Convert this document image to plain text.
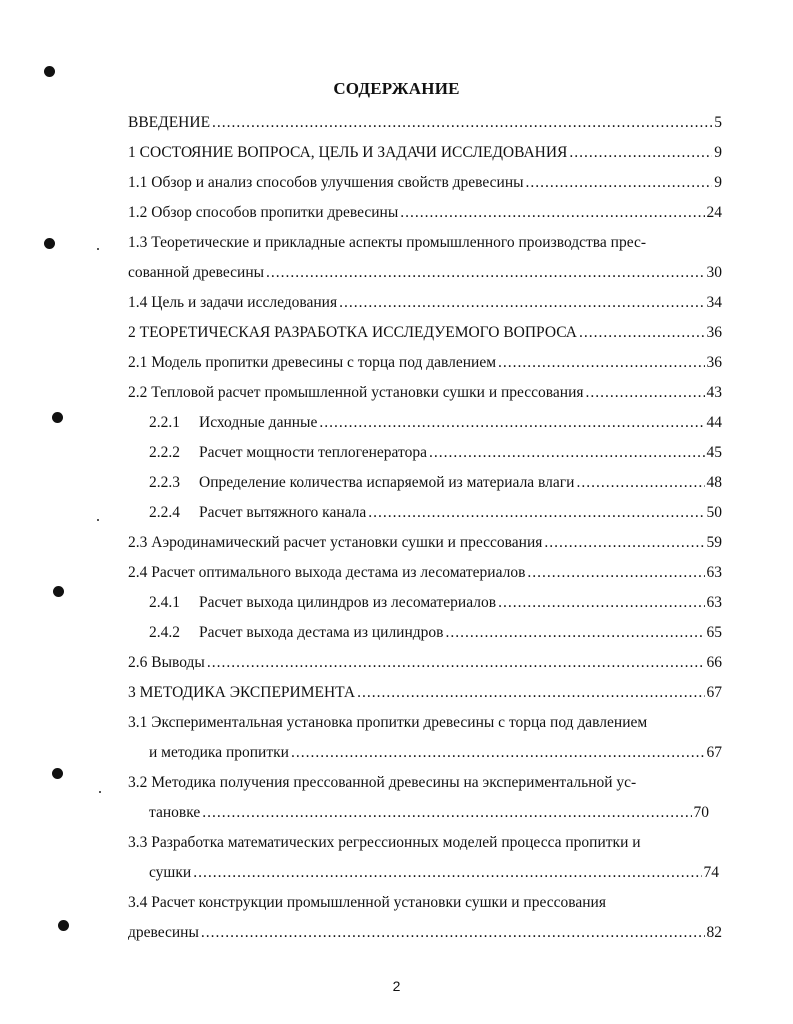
СОДЕРЖАНИЕ
ВВЕДЕНИЕ .....	5
1 СОСТОЯНИЕ ВОПРОСА, ЦЕЛЬ И ЗАДАЧИ ИССЛЕДОВАНИЯ .....	9
1.1 Обзор и анализ способов улучшения свойств древесины .....	9
1.2 Обзор способов пропитки древесины .....	24
1.3 Теоретические и прикладные аспекты промышленного производства прес-
сованной древесины .....	30
1.4 Цель и задачи исследования .....	34
2 ТЕОРЕТИЧЕСКАЯ РАЗРАБОТКА ИССЛЕДУЕМОГО ВОПРОСА .....	36
2.1 Модель пропитки древесины с торца под давлением .....	36
2.2 Тепловой расчет промышленной установки сушки и прессования .....	43
2.2.1 Исходные данные .....	44
2.2.2 Расчет мощности теплогенератора .....	45
2.2.3 Определение количества испаряемой из материала влаги .....	48
2.2.4 Расчет вытяжного канала .....	50
2.3 Аэродинамический расчет установки сушки и прессования .....	59
2.4 Расчет оптимального выхода дестама из лесоматериалов .....	63
2.4.1 Расчет выхода цилиндров из лесоматериалов .....	63
2.4.2 Расчет выхода дестама из цилиндров .....	65
2.6 Выводы .....	66
3 МЕТОДИКА ЭКСПЕРИМЕНТА .....	67
3.1 Экспериментальная установка пропитки древесины с торца под давлением
и методика пропитки .....	67
3.2 Методика получения прессованной древесины на экспериментальной ус-
тановке .....	70
3.3 Разработка математических регрессионных моделей процесса пропитки и
сушки .....	74
3.4 Расчет конструкции промышленной установки сушки и прессования
древесины .....	82
2
